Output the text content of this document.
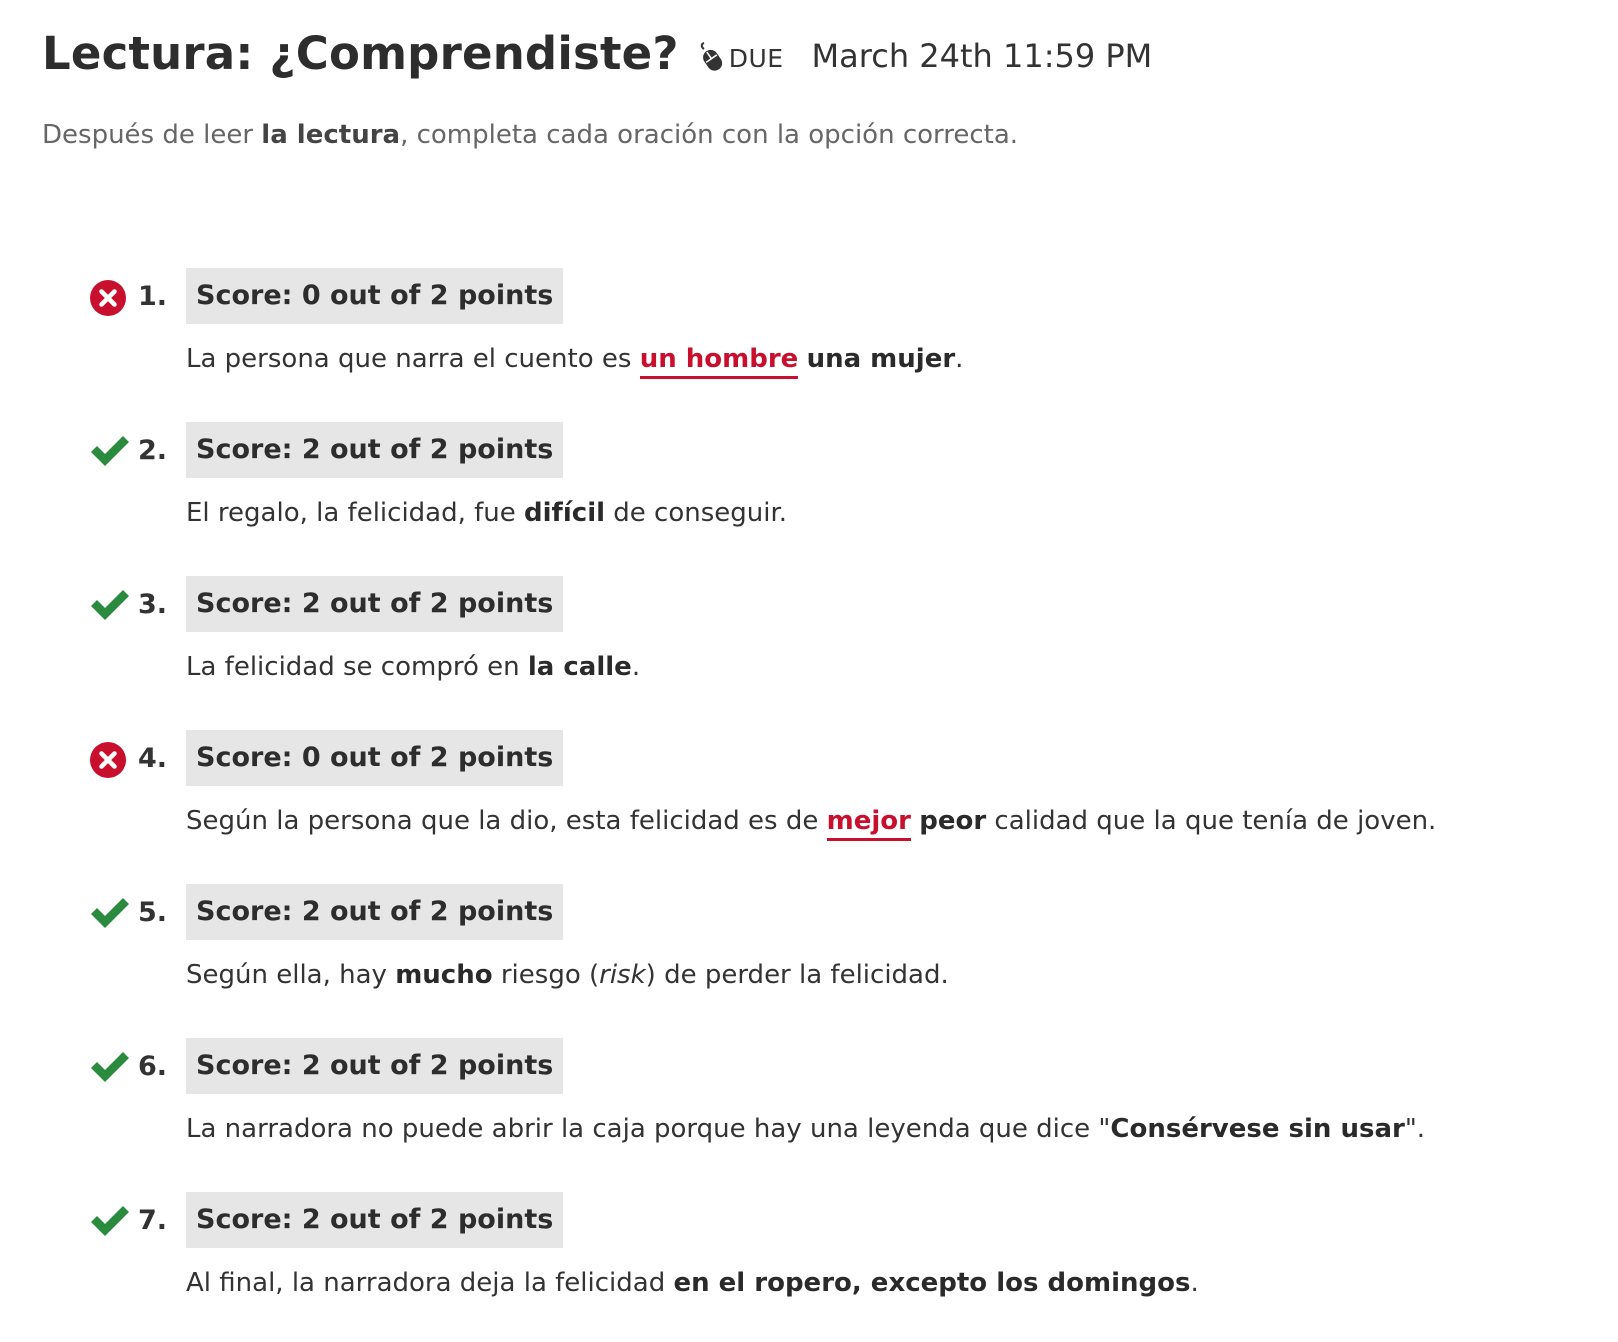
Lectura: ¿Comprendiste? DUE March 24th 11:59 PM
Después de leer la lectura, completa cada oración con la opción correcta.
1.	Score: 0 out of 2 points
La persona que narra el cuento es un hombre una mujer.
2.	Score: 2 out of 2 points
El regalo, la felicidad, fue difícil de conseguir.
3.	Score: 2 out of 2 points
La felicidad se compró en la calle.
4.	Score: 0 out of 2 points
Según la persona que la dio, esta felicidad es de mejor peor calidad que la que tenía de joven.
5.	Score: 2 out of 2 points
Según ella, hay mucho riesgo (risk) de perder la felicidad.
6.	Score: 2 out of 2 points
La narradora no puede abrir la caja porque hay una leyenda que dice "Consérvese sin usar".
7.	Score: 2 out of 2 points
Al final, la narradora deja la felicidad en el ropero, excepto los domingos.
